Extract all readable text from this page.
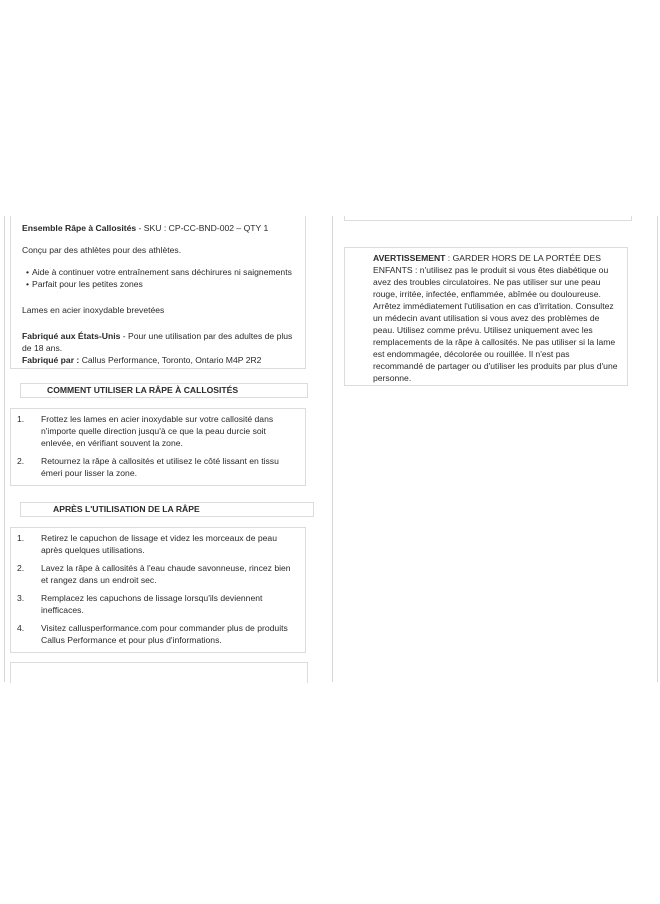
Ensemble Râpe à Callosités - SKU : CP-CC-BND-002 – QTY 1
Conçu par des athlètes pour des athlètes.
• Aide à continuer votre entraînement sans déchirures ni saignements
• Parfait pour les petites zones
Lames en acier inoxydable brevetées
Fabriqué aux États-Unis - Pour une utilisation par des adultes de plus de 18 ans.
Fabriqué par : Callus Performance, Toronto, Ontario M4P 2R2
COMMENT UTILISER LA RÂPE À CALLOSITÉS
1.	Frottez les lames en acier inoxydable sur votre callosité dans n'importe quelle direction jusqu'à ce que la peau durcie soit enlevée, en vérifiant souvent la zone.
2.	Retournez la râpe à callosités et utilisez le côté lissant en tissu émeri pour lisser la zone.
APRÈS L'UTILISATION DE LA RÂPE
1.	Retirez le capuchon de lissage et videz les morceaux de peau après quelques utilisations.
2.	Lavez la râpe à callosités à l'eau chaude savonneuse, rincez bien et rangez dans un endroit sec.
3.	Remplacez les capuchons de lissage lorsqu'ils deviennent inefficaces.
4.	Visitez callusperformance.com pour commander plus de produits Callus Performance et pour plus d'informations.
AVERTISSEMENT : GARDER HORS DE LA PORTÉE DES ENFANTS : n'utilisez pas le produit si vous êtes diabétique ou avez des troubles circulatoires. Ne pas utiliser sur une peau rouge, irritée, infectée, enflammée, abîmée ou douloureuse. Arrêtez immédiatement l'utilisation en cas d'irritation. Consultez un médecin avant utilisation si vous avez des problèmes de peau. Utilisez comme prévu. Utilisez uniquement avec les remplacements de la râpe à callosités. Ne pas utiliser si la lame est endommagée, décolorée ou rouillée. Il n'est pas recommandé de partager ou d'utiliser les produits par plus d'une personne.
